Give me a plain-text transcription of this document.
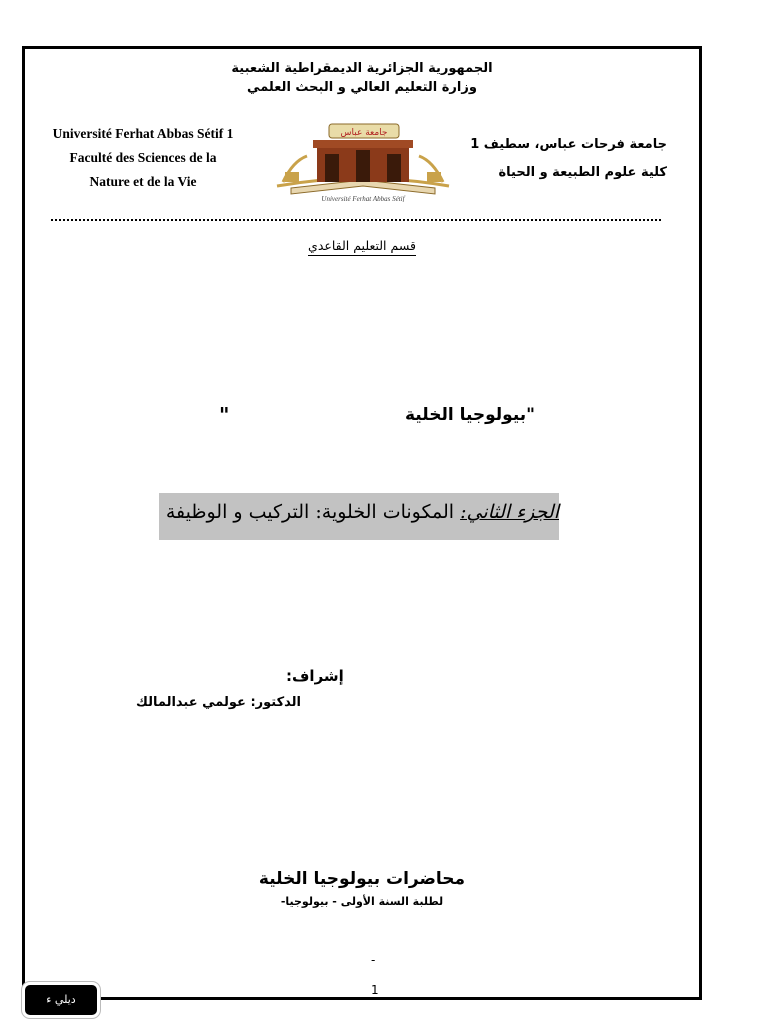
الجمهورية الجزائرية الديمقراطية الشعبية
وزارة التعليم العالي و البحث العلمي
Université Ferhat Abbas Sétif 1
Faculté des Sciences de la
Nature et de la Vie
جامعة عباس
Université Ferhat Abbas Sétif
جامعة فرحات عباس، سطيف 1
كلية علوم الطبيعة و الحياة
قسم التعليم القاعدي
"بيولوجيا الخلية
"
الجزء الثاني: المكونات الخلوية: التركيب و الوظيفة
إشراف:
الدكتور: عولمي عبدالمالك
محاضرات بيولوجيا الخلية
لطلبة السنة الأولى - بيولوجيا-
-
1
ديلي ء
